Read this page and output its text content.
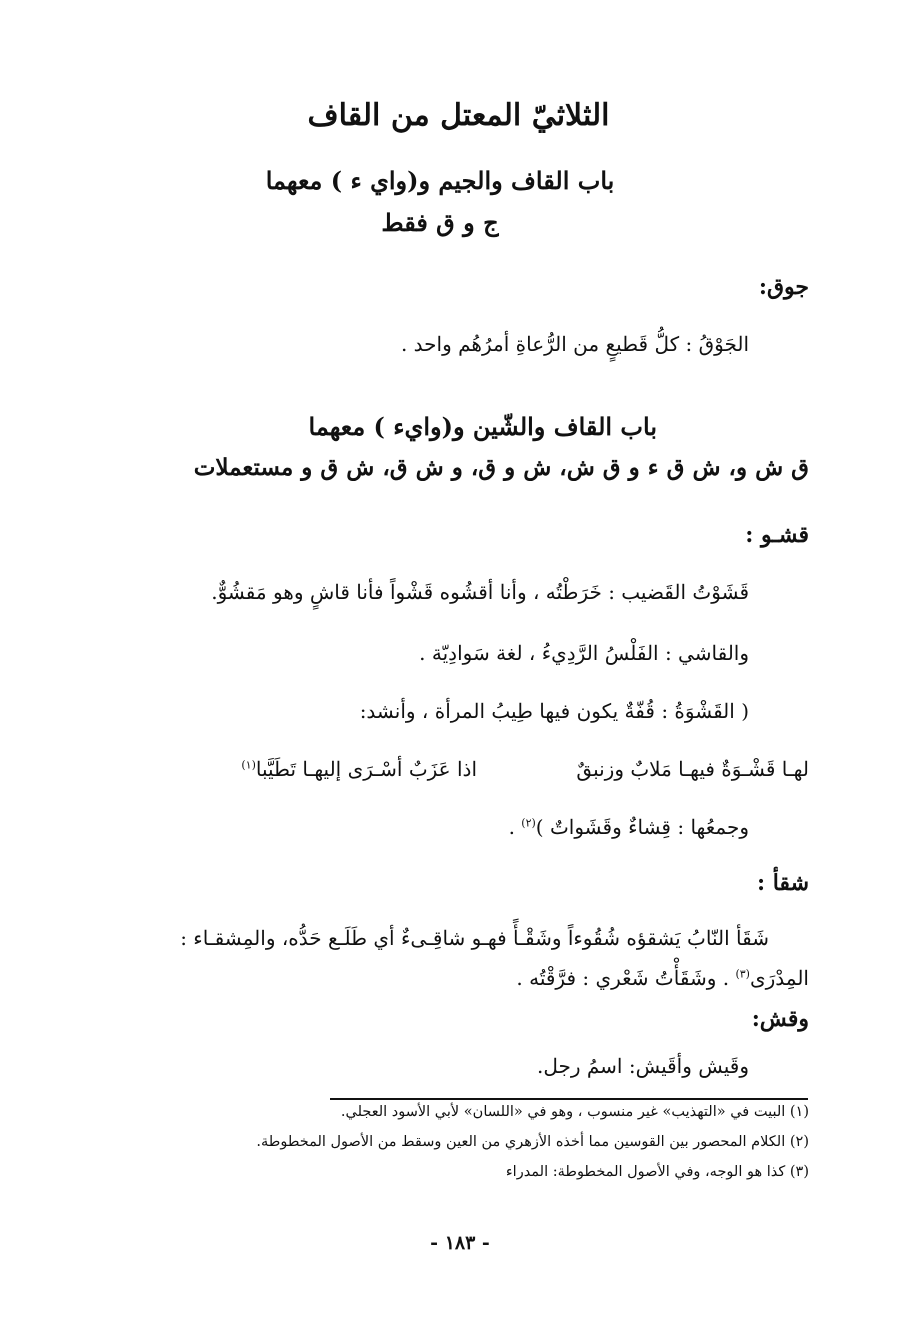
الثلاثيّ المعتل من القاف
باب القاف والجيم و(واي ء ) معهما
ج و ق فقط
جوق:
الجَوْقُ : كلُّ قَطيعٍ من الرُّعاةِ أمرُهُم واحد .
باب القاف والشّين و(وايء ) معهما
ق ش و، ش ق ء و ق ش، ش و ق، و ش ق، ش ق و مستعملات
قشـو :
قَشَوْتُ القَضيب : خَرَطْتُه ، وأنا أقشُوه قَشْواً فأنا قاشٍ وهو مَقشُوٌّ.
والقاشي : الفَلْسُ الرَّدِيءُ ، لغة سَوادِيّة .
( القَشْوَةُ : قُفّةٌ يكون فيها طِيبُ المرأة ، وأنشد:
لهـا قَشْـوَةٌ فيهـا مَلابٌ وزنبقٌ
اذا عَزَبٌ أسْـرَى إليهـا تَطَيَّبا$^{(١)}$
وجمعُها : قِشاءٌ وقَشَواتٌ )$^{(٢)}$ .
شقأ :
شَقَأ النّابُ يَشقؤه شُقُوءاً وشَقْـأً فهـو شاقِـىءٌ أي طَلَـع حَدُّه، والمِشقـاء :
المِدْرَى$^{(٣)}$ . وشَقَأْتُ شَعْري : فرَّقْتُه .
وقش:
وقَيش وأقَيش: اسمُ رجل.
(١) البيت في «التهذيب» غير منسوب ، وهو في «اللسان» لأبي الأسود العجلي.
(٢) الكلام المحصور بين القوسين مما أخذه الأزهري من العين وسقط من الأصول المخطوطة.
(٣) كذا هو الوجه، وفي الأصول المخطوطة: المدراء
- ١٨٣ -
